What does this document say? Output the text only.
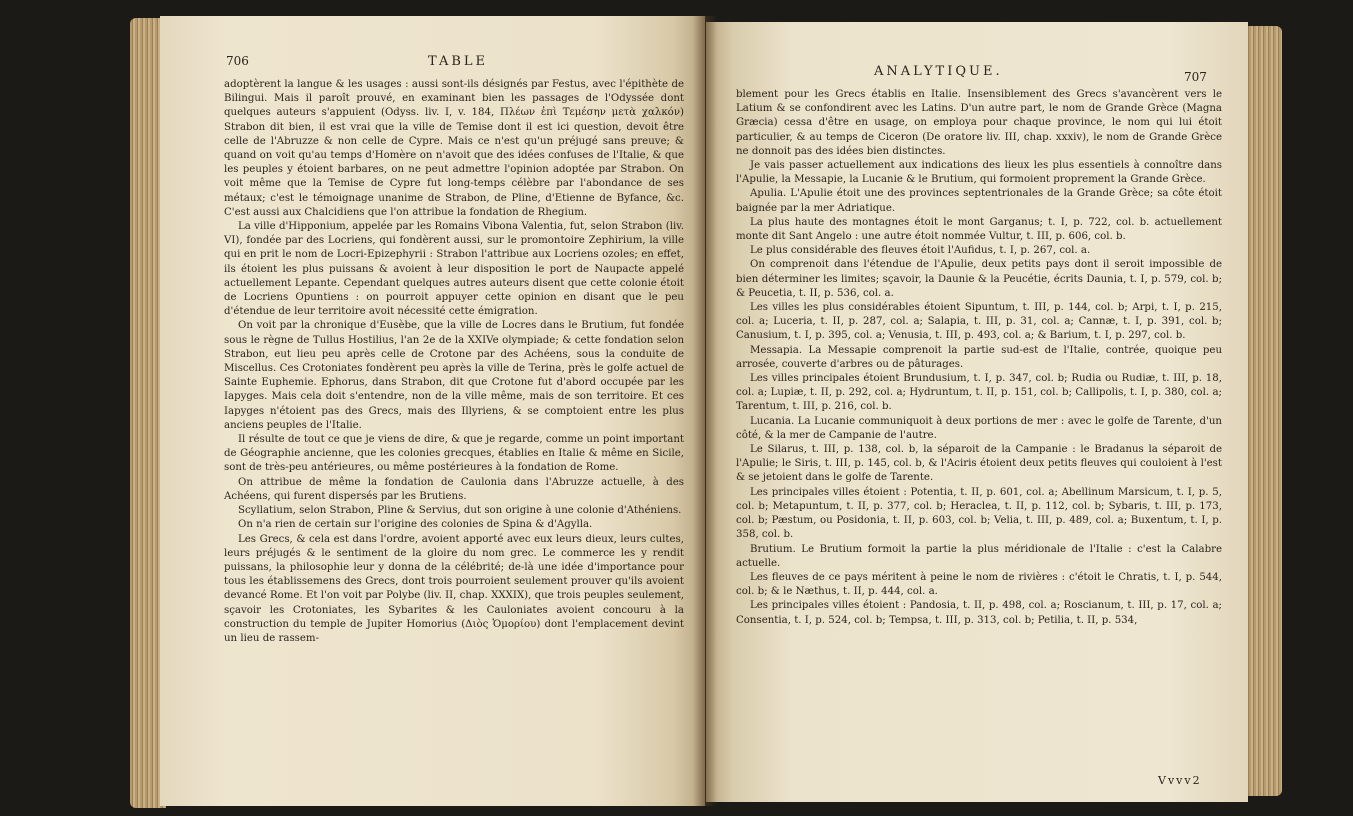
706	TABLE

adoptèrent la langue & les usages : aussi sont-ils désignés par Festus, avec l'épithète de Bilingui. Mais il paroît prouvé, en examinant bien les passages de l'Odyssée dont quelques auteurs s'appuient (Odyss. liv. I, v. 184, Πλέων ἐπὶ Τεμέσην μετὰ χαλκόν) Strabon dit bien, il est vrai que la ville de Temise dont il est ici question, devoit être celle de l'Abruzze & non celle de Cypre. Mais ce n'est qu'un préjugé sans preuve; & quand on voit qu'au temps d'Homère on n'avoit que des idées confuses de l'Italie, & que les peuples y étoient barbares, on ne peut admettre l'opinion adoptée par Strabon. On voit même que la Temise de Cypre fut long-temps célèbre par l'abondance de ses métaux; c'est le témoignage unanime de Strabon, de Pline, d'Etienne de Byfance, &c. C'est aussi aux Chalcidiens que l'on attribue la fondation de Rhegium.

La ville d'Hipponium, appelée par les Romains Vibona Valentia, fut, selon Strabon (liv. VI), fondée par des Locriens, qui fondèrent aussi, sur le promontoire Zephirium, la ville qui en prit le nom de Locri-Epizephyrii : Strabon l'attribue aux Locriens ozoles; en effet, ils étoient les plus puissans & avoient à leur disposition le port de Naupacte appelé actuellement Lepante. Cependant quelques autres auteurs disent que cette colonie étoit de Locriens Opuntiens : on pourroit appuyer cette opinion en disant que le peu d'étendue de leur territoire avoit nécessité cette émigration.

On voit par la chronique d'Eusèbe, que la ville de Locres dans le Brutium, fut fondée sous le règne de Tullus Hostilius, l'an 2e de la XXIVe olympiade; & cette fondation selon Strabon, eut lieu peu après celle de Crotone par des Achéens, sous la conduite de Miscellus. Ces Crotoniates fondèrent peu après la ville de Terina, près le golfe actuel de Sainte Euphemie. Ephorus, dans Strabon, dit que Crotone fut d'abord occupée par les Iapyges. Mais cela doit s'entendre, non de la ville même, mais de son territoire. Et ces Iapyges n'étoient pas des Grecs, mais des Illyriens, & se comptoient entre les plus anciens peuples de l'Italie.

Il résulte de tout ce que je viens de dire, & que je regarde, comme un point important de Géographie ancienne, que les colonies grecques, établies en Italie & même en Sicile, sont de très-peu antérieures, ou même postérieures à la fondation de Rome.

On attribue de même la fondation de Caulonia dans l'Abruzze actuelle, à des Achéens, qui furent dispersés par les Brutiens.

Scyllatium, selon Strabon, Pline & Servius, dut son origine à une colonie d'Athéniens.

On n'a rien de certain sur l'origine des colonies de Spina & d'Agylla.

Les Grecs, & cela est dans l'ordre, avoient apporté avec eux leurs dieux, leurs cultes, leurs préjugés & le sentiment de la gloire du nom grec. Le commerce les y rendit puissans, la philosophie leur y donna de la célébrité; de-là une idée d'importance pour tous les établissemens des Grecs, dont trois pourroient seulement prouver qu'ils avoient devancé Rome. Et l'on voit par Polybe (liv. II, chap. XXXIX), que trois peuples seulement, sçavoir les Crotoniates, les Sybarites & les Cauloniates avoient concouru à la construction du temple de Jupiter Homorius (Διὸς Ὁμορίου) dont l'emplacement devint un lieu de rassem-

ANALYTIQUE.	707

blement pour les Grecs établis en Italie. Insensiblement des Grecs s'avancèrent vers le Latium & se confondirent avec les Latins. D'un autre part, le nom de Grande Grèce (Magna Græcia) cessa d'être en usage, on employa pour chaque province, le nom qui lui étoit particulier, & au temps de Ciceron (De oratore liv. III, chap. xxxiv), le nom de Grande Grèce ne donnoit pas des idées bien distinctes.

Je vais passer actuellement aux indications des lieux les plus essentiels à connoître dans l'Apulie, la Messapie, la Lucanie & le Brutium, qui formoient proprement la Grande Grèce.

Apulia. L'Apulie étoit une des provinces septentrionales de la Grande Grèce; sa côte étoit baignée par la mer Adriatique.

La plus haute des montagnes étoit le mont Garganus; t. I, p. 722, col. b. actuellement monte dit Sant Angelo : une autre étoit nommée Vultur, t. III, p. 606, col. b.

Le plus considérable des fleuves étoit l'Aufidus, t. I, p. 267, col. a.

On comprenoit dans l'étendue de l'Apulie, deux petits pays dont il seroit impossible de bien déterminer les limites; sçavoir, la Daunie & la Peucétie, écrits Daunia, t. I, p. 579, col. b; & Peucetia, t. II, p. 536, col. a.

Les villes les plus considérables étoient Sipuntum, t. III, p. 144, col. b; Arpi, t. I, p. 215, col. a; Luceria, t. II, p. 287, col. a; Salapia, t. III, p. 31, col. a; Cannæ, t. I, p. 391, col. b; Canusium, t. I, p. 395, col. a; Venusia, t. III, p. 493, col. a; & Barium, t. I, p. 297, col. b.

Messapia. La Messapie comprenoit la partie sud-est de l'Italie, contrée, quoique peu arrosée, couverte d'arbres ou de pâturages.

Les villes principales étoient Brundusium, t. I, p. 347, col. b; Rudia ou Rudiæ, t. III, p. 18, col. a; Lupiæ, t. II, p. 292, col. a; Hydruntum, t. II, p. 151, col. b; Callipolis, t. I, p. 380, col. a; Tarentum, t. III, p. 216, col. b.

Lucania. La Lucanie communiquoit à deux portions de mer : avec le golfe de Tarente, d'un côté, & la mer de Campanie de l'autre.

Le Silarus, t. III, p. 138, col. b, la séparoit de la Campanie : le Bradanus la séparoit de l'Apulie; le Siris, t. III, p. 145, col. b, & l'Aciris étoient deux petits fleuves qui couloient à l'est & se jetoient dans le golfe de Tarente.

Les principales villes étoient : Potentia, t. II, p. 601, col. a; Abellinum Marsicum, t. I, p. 5, col. b; Metapuntum, t. II, p. 377, col. b; Heraclea, t. II, p. 112, col. b; Sybaris, t. III, p. 173, col. b; Pæstum, ou Posidonia, t. II, p. 603, col. b; Velia, t. III, p. 489, col. a; Buxentum, t. I, p. 358, col. b.

Brutium. Le Brutium formoit la partie la plus méridionale de l'Italie : c'est la Calabre actuelle.

Les fleuves de ce pays méritent à peine le nom de rivières : c'étoit le Chratis, t. I, p. 544, col. b; & le Næthus, t. II, p. 444, col. a.

Les principales villes étoient : Pandosia, t. II, p. 498, col. a; Roscianum, t. III, p. 17, col. a; Consentia, t. I, p. 524, col. b; Tempsa, t. III, p. 313, col. b; Petilia, t. II, p. 534,

Vvvv2
